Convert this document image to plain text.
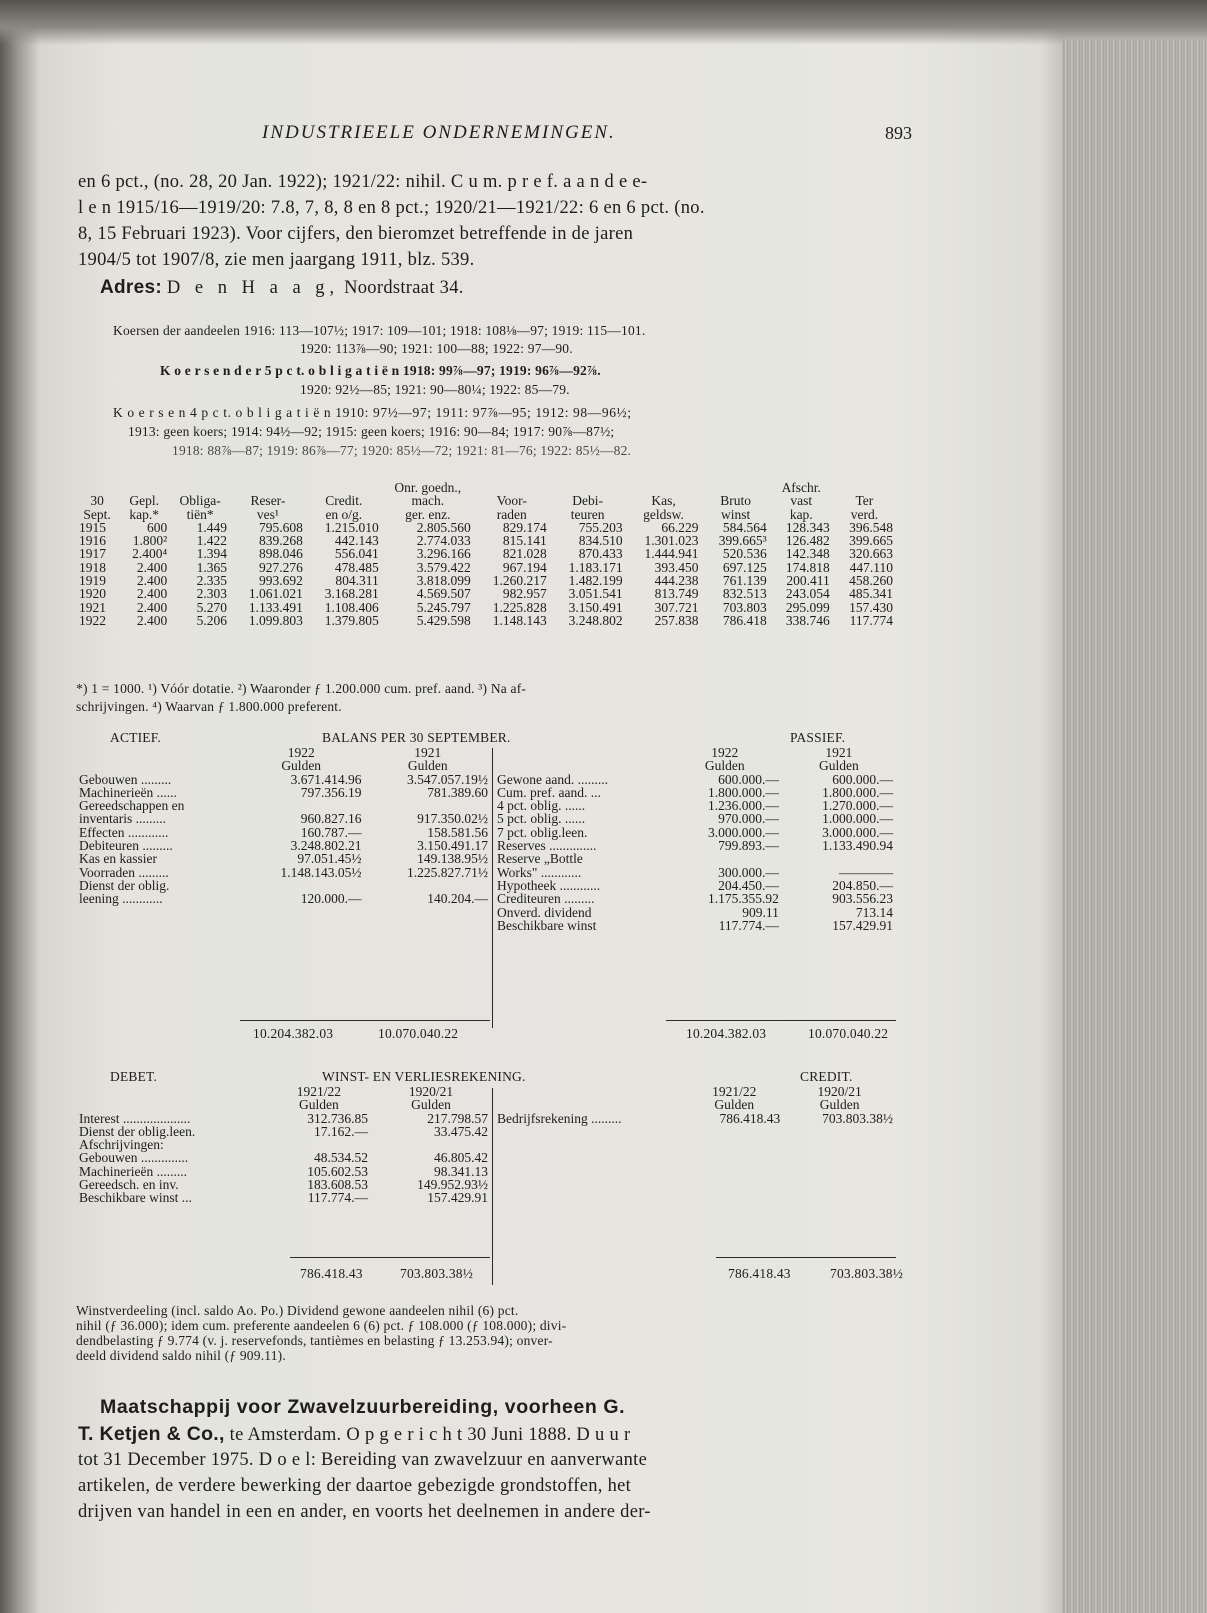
INDUSTRIEELE ONDERNEMINGEN.	893
en 6 pct., (no. 28, 20 Jan. 1922); 1921/22: nihil. C u m. p r e f. a a n d e e-
l e n 1915/16—1919/20: 7.8, 7, 8, 8 en 8 pct.; 1920/21—1921/22: 6 en 6 pct. (no.
8, 15 Februari 1923). Voor cijfers, den bieromzet betreffende in de jaren
1904/5 tot 1907/8, zie men jaargang 1911, blz. 539.
Adres: D e n H a a g, Noordstraat 34.
Koersen der aandeelen 1916: 113—107½; 1917: 109—101; 1918: 108⅛—97; 1919: 115—101.
1920: 113⅞—90; 1921: 100—88; 1922: 97—90.
K o e r s e n d e r 5 p c t. o b l i g a t i ë n 1918: 99⅞—97; 1919: 96⅞—92⅞.
1920: 92½—85; 1921: 90—80¼; 1922: 85—79.
K o e r s e n 4 p c t. o b l i g a t i ë n 1910: 97½—97; 1911: 97⅞—95; 1912: 98—96½;
1913: geen koers; 1914: 94½—92; 1915: geen koers; 1916: 90—84; 1917: 90⅞—87½;
1918: 88⅞—87; 1919: 86⅞—77; 1920: 85½—72; 1921: 81—76; 1922: 85½—82.
					Onr. goedn.,					Afschr.	
30	Gepl.	Obliga-	Reser-	Credit.	mach.	Voor-	Debi-	Kas,	Bruto	vast	Ter
Sept.	kap.*	tiën*	ves¹	en o/g.	ger. enz.	raden	teuren	geldsw.	winst	kap.	verd.
1915	600	1.449	795.608	1.215.010	2.805.560	829.174	755.203	66.229	584.564	128.343	396.548
1916	1.800²	1.422	839.268	442.143	2.774.033	815.141	834.510	1.301.023	399.665³	126.482	399.665
1917	2.400⁴	1.394	898.046	556.041	3.296.166	821.028	870.433	1.444.941	520.536	142.348	320.663
1918	2.400	1.365	927.276	478.485	3.579.422	967.194	1.183.171	393.450	697.125	174.818	447.110
1919	2.400	2.335	993.692	804.311	3.818.099	1.260.217	1.482.199	444.238	761.139	200.411	458.260
1920	2.400	2.303	1.061.021	3.168.281	4.569.507	982.957	3.051.541	813.749	832.513	243.054	485.341
1921	2.400	5.270	1.133.491	1.108.406	5.245.797	1.225.828	3.150.491	307.721	703.803	295.099	157.430
1922	2.400	5.206	1.099.803	1.379.805	5.429.598	1.148.143	3.248.802	257.838	786.418	338.746	117.774
*) 1 = 1000. ¹) Vóór dotatie. ²) Waaronder ƒ 1.200.000 cum. pref. aand. ³) Na af-
schrijvingen. ⁴) Waarvan ƒ 1.800.000 preferent.
ACTIEF.	BALANS PER 30 SEPTEMBER.	PASSIEF.
	1922	1921
	Gulden	Gulden
Gebouwen .........	3.671.414.96	3.547.057.19½
Machinerieën ......	797.356.19	781.389.60
Gereedschappen en		
inventaris .........	960.827.16	917.350.02½
Effecten ............	160.787.—	158.581.56
Debiteuren .........	3.248.802.21	3.150.491.17
Kas en kassier	97.051.45½	149.138.95½
Voorraden .........	1.148.143.05½	1.225.827.71½
Dienst der oblig.		
leening ............	120.000.—	140.204.—
	1922	1921
	Gulden	Gulden
Gewone aand. .........	600.000.—	600.000.—
Cum. pref. aand. ...	1.800.000.—	1.800.000.—
4 pct. oblig. ......	1.236.000.—	1.270.000.—
5 pct. oblig. ......	970.000.—	1.000.000.—
7 pct. oblig.leen.	3.000.000.—	3.000.000.—
Reserves ..............	799.893.—	1.133.490.94
Reserve „Bottle		
Works" ............	300.000.—	————
Hypotheek ............	204.450.—	204.850.—
Crediteuren .........	1.175.355.92	903.556.23
Onverd. dividend	909.11	713.14
Beschikbare winst	117.774.—	157.429.91
10.204.382.03	10.070.040.22	10.204.382.03	10.070.040.22
DEBET.	WINST- EN VERLIESREKENING.	CREDIT.
	1921/22	1920/21
	Gulden	Gulden
Interest ....................	312.736.85	217.798.57
Dienst der oblig.leen.	17.162.—	33.475.42
Afschrijvingen:		
Gebouwen ..............	48.534.52	46.805.42
Machinerieën .........	105.602.53	98.341.13
Gereedsch. en inv.	183.608.53	149.952.93½
Beschikbare winst ...	117.774.—	157.429.91
	1921/22	1920/21
	Gulden	Gulden
Bedrijfsrekening .........	786.418.43	703.803.38½
786.418.43	703.803.38½	786.418.43	703.803.38½
Winstverdeeling (incl. saldo Ao. Po.) Dividend gewone aandeelen nihil (6) pct.
nihil (ƒ 36.000); idem cum. preferente aandeelen 6 (6) pct. ƒ 108.000 (ƒ 108.000); divi-
dendbelasting ƒ 9.774 (v. j. reservefonds, tantièmes en belasting ƒ 13.253.94); onver-
deeld dividend saldo nihil (ƒ 909.11).
Maatschappij voor Zwavelzuurbereiding, voorheen G.
T. Ketjen & Co., te Amsterdam. O p g e r i c h t 30 Juni 1888. D u u r
tot 31 December 1975. D o e l: Bereiding van zwavelzuur en aanverwante
artikelen, de verdere bewerking der daartoe gebezigde grondstoffen, het
drijven van handel in een en ander, en voorts het deelnemen in andere der-
